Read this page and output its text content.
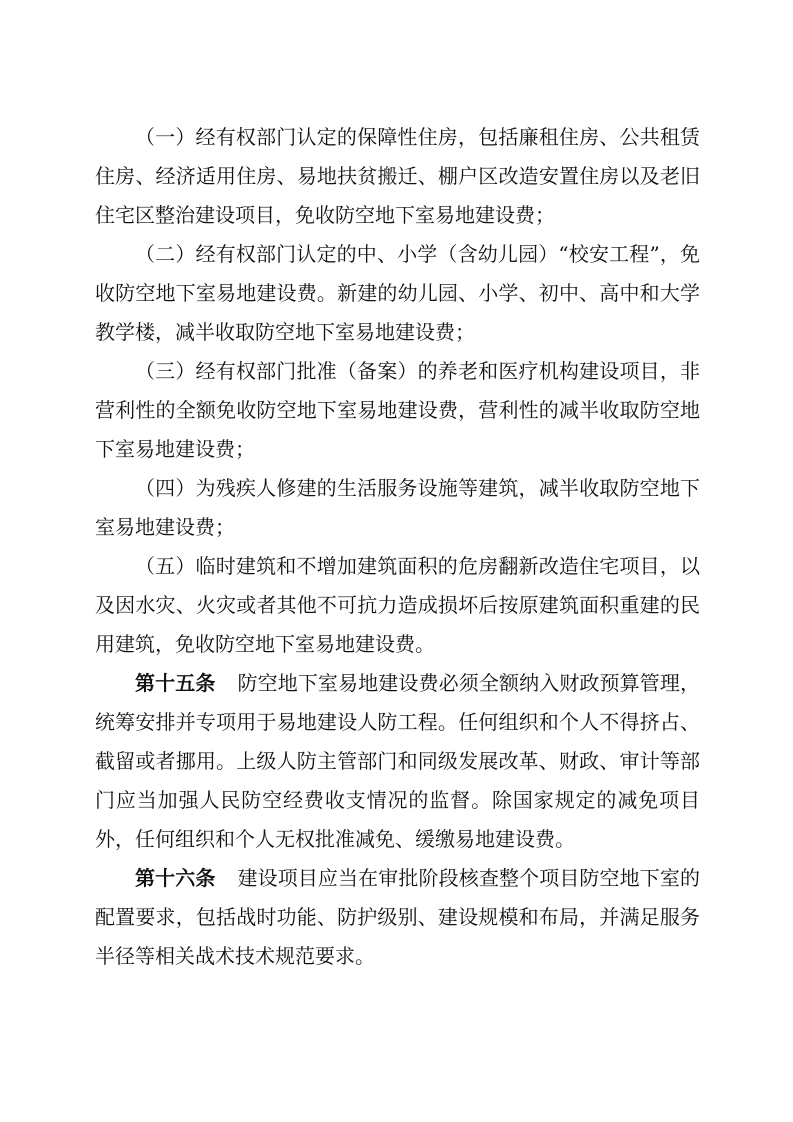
（一）经有权部门认定的保障性住房，包括廉租住房、公共租赁住房、经济适用住房、易地扶贫搬迁、棚户区改造安置住房以及老旧住宅区整治建设项目，免收防空地下室易地建设费；

（二）经有权部门认定的中、小学（含幼儿园）“校安工程”，免收防空地下室易地建设费。新建的幼儿园、小学、初中、高中和大学教学楼，减半收取防空地下室易地建设费；

（三）经有权部门批准（备案）的养老和医疗机构建设项目，非营利性的全额免收防空地下室易地建设费，营利性的减半收取防空地下室易地建设费；

（四）为残疾人修建的生活服务设施等建筑，减半收取防空地下室易地建设费；

（五）临时建筑和不增加建筑面积的危房翻新改造住宅项目，以及因水灾、火灾或者其他不可抗力造成损坏后按原建筑面积重建的民用建筑，免收防空地下室易地建设费。

第十五条 防空地下室易地建设费必须全额纳入财政预算管理，统筹安排并专项用于易地建设人防工程。任何组织和个人不得挤占、截留或者挪用。上级人防主管部门和同级发展改革、财政、审计等部门应当加强人民防空经费收支情况的监督。除国家规定的减免项目外，任何组织和个人无权批准减免、缓缴易地建设费。

第十六条 建设项目应当在审批阶段核查整个项目防空地下室的配置要求，包括战时功能、防护级别、建设规模和布局，并满足服务半径等相关战术技术规范要求。
